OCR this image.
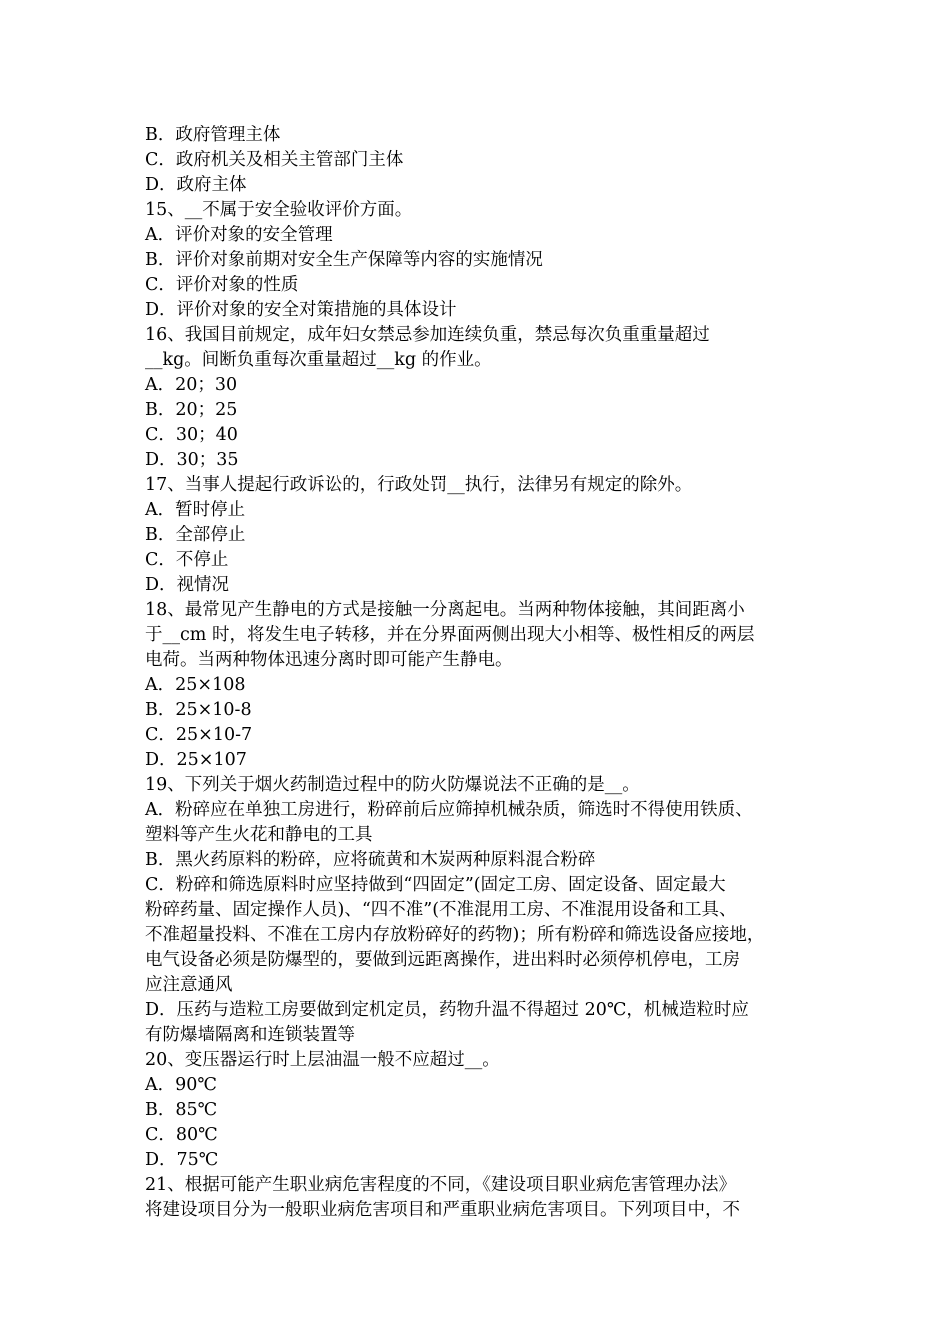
B．政府管理主体
C．政府机关及相关主管部门主体
D．政府主体
15、__不属于安全验收评价方面。
A．评价对象的安全管理
B．评价对象前期对安全生产保障等内容的实施情况
C．评价对象的性质
D．评价对象的安全对策措施的具体设计
16、我国目前规定，成年妇女禁忌参加连续负重，禁忌每次负重重量超过
__kg。间断负重每次重量超过__kg 的作业。
A．20；30
B．20；25
C．30；40
D．30；35
17、当事人提起行政诉讼的，行政处罚__执行，法律另有规定的除外。
A．暂时停止
B．全部停止
C．不停止
D．视情况
18、最常见产生静电的方式是接触一分离起电。当两种物体接触，其间距离小
于__cm 时，将发生电子转移，并在分界面两侧出现大小相等、极性相反的两层
电荷。当两种物体迅速分离时即可能产生静电。
A．25×108
B．25×10-8
C．25×10-7
D．25×107
19、下列关于烟火药制造过程中的防火防爆说法不正确的是__。
A．粉碎应在单独工房进行，粉碎前后应筛掉机械杂质，筛选时不得使用铁质、
塑料等产生火花和静电的工具
B．黑火药原料的粉碎，应将硫黄和木炭两种原料混合粉碎
C．粉碎和筛选原料时应坚持做到“四固定”(固定工房、固定设备、固定最大
粉碎药量、固定操作人员)、“四不准”(不准混用工房、不准混用设备和工具、
不准超量投料、不准在工房内存放粉碎好的药物)；所有粉碎和筛选设备应接地，
电气设备必须是防爆型的，要做到远距离操作，进出料时必须停机停电，工房
应注意通风
D．压药与造粒工房要做到定机定员，药物升温不得超过 20℃，机械造粒时应
有防爆墙隔离和连锁装置等
20、变压器运行时上层油温一般不应超过__。
A．90℃
B．85℃
C．80℃
D．75℃
21、根据可能产生职业病危害程度的不同，《建设项目职业病危害管理办法》
将建设项目分为一般职业病危害项目和严重职业病危害项目。下列项目中，不
